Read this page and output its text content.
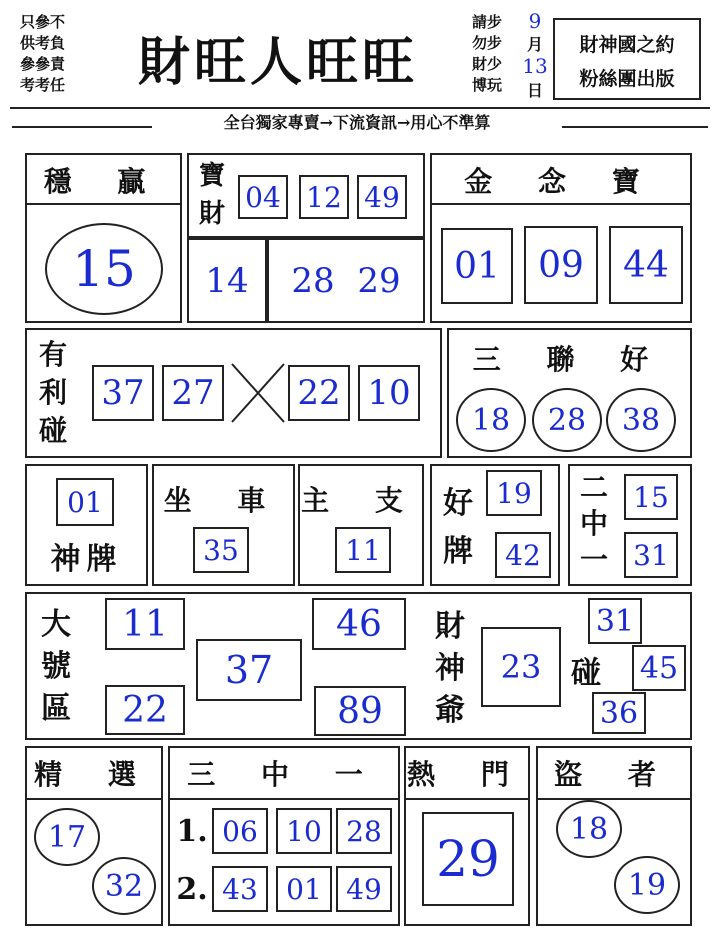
只參不
供考負
參參責
考考任	財旺人旺旺
請步
勿步
財少
博玩
9
月
13
日
財神國之約
粉絲團出版
全台獨家專賣→下流資訊→用心不準算
穩 贏
15
寶
財
04 12 49
14	28 29
金 念 寶
01	09	44
有
利
碰
37 27 22 10
三 聯 好
18	28	38
神牌
01	坐 車
35
主 支
11
好
牌
19
42
二
中
一
15
31
大
號
區
11
22
37
46
89
財
神
爺
23 碰
31
45
36
精 選
17
32
三 中 一
1. 06	10 28
2. 43	01 49
熱 門
29
盜 者
18
19
